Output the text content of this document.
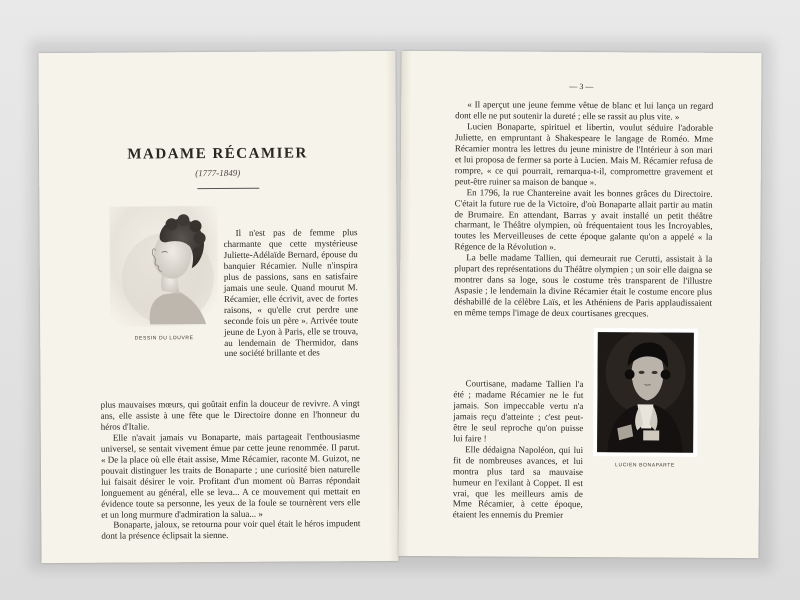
MADAME RÉCAMIER
(1777-1849)
DESSIN DU LOUVRE

Il n'est pas de femme plus charmante que cette mystérieuse Juliette-Adélaïde Bernard, épouse du banquier Récamier. Nulle n'inspira plus de passions, sans en satisfaire jamais une seule. Quand mourut M. Récamier, elle écrivit, avec de fortes raisons, « qu'elle crut perdre une seconde fois un père ». Arrivée toute jeune de Lyon à Paris, elle se trouva, au lendemain de Thermidor, dans une société brillante et des

plus mauvaises mœurs, qui goûtait enfin la douceur de revivre. A vingt ans, elle assiste à une fête que le Directoire donne en l'honneur du héros d'Italie.

Elle n'avait jamais vu Bonaparte, mais partageait l'enthousiasme universel, se sentait vivement émue par cette jeune renommée. Il parut. « De la place où elle était assise, Mme Récamier, raconte M. Guizot, ne pouvait distinguer les traits de Bonaparte ; une curiosité bien naturelle lui faisait désirer le voir. Profitant d'un moment où Barras répondait longuement au général, elle se leva... A ce mouvement qui mettait en évidence toute sa personne, les yeux de la foule se tournèrent vers elle et un long murmure d'admiration la salua... »

Bonaparte, jaloux, se retourna pour voir quel était le héros impudent dont la présence éclipsait la sienne.

— 3 —

« Il aperçut une jeune femme vêtue de blanc et lui lança un regard dont elle ne put soutenir la dureté ; elle se rassit au plus vite. »

Lucien Bonaparte, spirituel et libertin, voulut séduire l'adorable Juliette, en empruntant à Shakespeare le langage de Roméo. Mme Récamier montra les lettres du jeune ministre de l'Intérieur à son mari et lui proposa de fermer sa porte à Lucien. Mais M. Récamier refusa de rompre, « ce qui pourrait, remarqua-t-il, compromettre gravement et peut-être ruiner sa maison de banque ».

En 1796, la rue Chantereine avait les bonnes grâces du Directoire. C'était la future rue de la Victoire, d'où Bonaparte allait partir au matin de Brumaire. En attendant, Barras y avait installé un petit théâtre charmant, le Théâtre olympien, où fréquentaient tous les Incroyables, toutes les Merveilleuses de cette époque galante qu'on a appelé « la Régence de la Révolution ».

La belle madame Tallien, qui demeurait rue Cerutti, assistait à la plupart des représentations du Théâtre olympien ; un soir elle daigna se montrer dans sa loge, sous le costume très transparent de l'illustre Aspasie ; le lendemain la divine Récamier était le costume encore plus déshabillé de la célèbre Laïs, et les Athéniens de Paris applaudissaient en même temps l'image de deux courtisanes grecques.

Courtisane, madame Tallien l'a été ; madame Récamier ne le fut jamais. Son impeccable vertu n'a jamais reçu d'atteinte ; c'est peut-être le seul reproche qu'on puisse lui faire !

Elle dédaigna Napoléon, qui lui fit de nombreuses avances, et lui montra plus tard sa mauvaise humeur en l'exilant à Coppet. Il est vrai, que les meilleurs amis de Mme Récamier, à cette époque, étaient les ennemis du Premier

LUCIEN BONAPARTE
